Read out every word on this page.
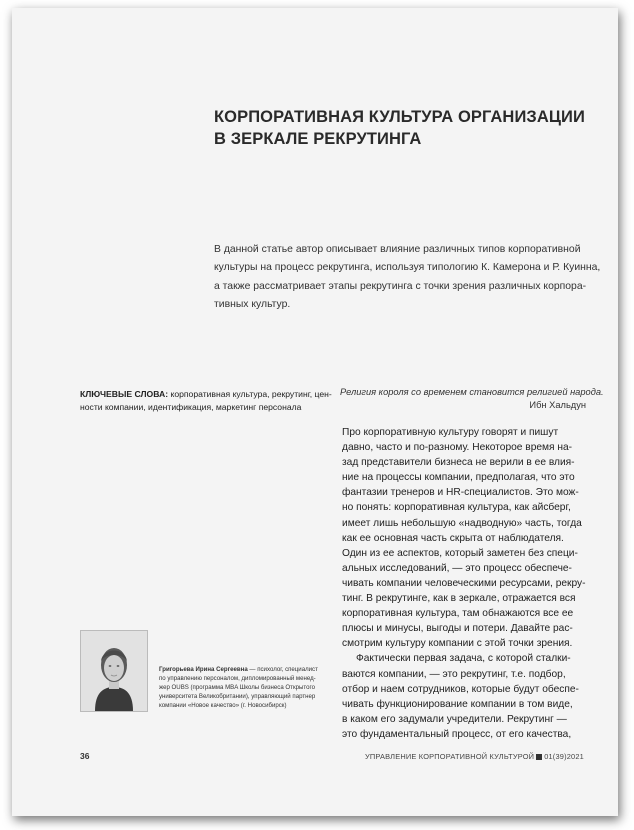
КОРПОРАТИВНАЯ КУЛЬТУРА ОРГАНИЗАЦИИ
В ЗЕРКАЛЕ РЕКРУТИНГА
В данной статье автор описывает влияние различных типов корпоративной
культуры на процесс рекрутинга, используя типологию К. Камерона и Р. Куинна,
а также рассматривает этапы рекрутинга с точки зрения различных корпора-
тивных культур.
КЛЮЧЕВЫЕ СЛОВА: корпоративная культура, рекрутинг, цен-
ности компании, идентификация, маркетинг персонала
Религия короля со временем становится религией народа.
Ибн Хальдун
Про корпоративную культуру говорят и пишут
давно, часто и по-разному. Некоторое время на-
зад представители бизнеса не верили в ее влия-
ние на процессы компании, предполагая, что это
фантазии тренеров и HR-специалистов. Это мож-
но понять: корпоративная культура, как айсберг,
имеет лишь небольшую «надводную» часть, тогда
как ее основная часть скрыта от наблюдателя.
Один из ее аспектов, который заметен без специ-
альных исследований, — это процесс обеспече-
чивать компании человеческими ресурсами, рекру-
тинг. В рекрутинге, как в зеркале, отражается вся
корпоративная культура, там обнажаются все ее
плюсы и минусы, выгоды и потери. Давайте рас-
смотрим культуру компании с этой точки зрения.
Фактически первая задача, с которой сталки-
ваются компании, — это рекрутинг, т.е. подбор,
отбор и наем сотрудников, которые будут обеспе-
чивать функционирование компании в том виде,
в каком его задумали учредители. Рекрутинг —
это фундаментальный процесс, от его качества,
Григорьева Ирина Сергеевна — психолог, специалист
по управлению персоналом, дипломированный менед-
жер OUBS (программа MBA Школы бизнеса Открытого
университета Великобритании), управляющий партнер
компании «Новое качество» (г. Новосибирск)
36	УПРАВЛЕНИЕ КОРПОРАТИВНОЙ КУЛЬТУРОЙ 01(39)2021
